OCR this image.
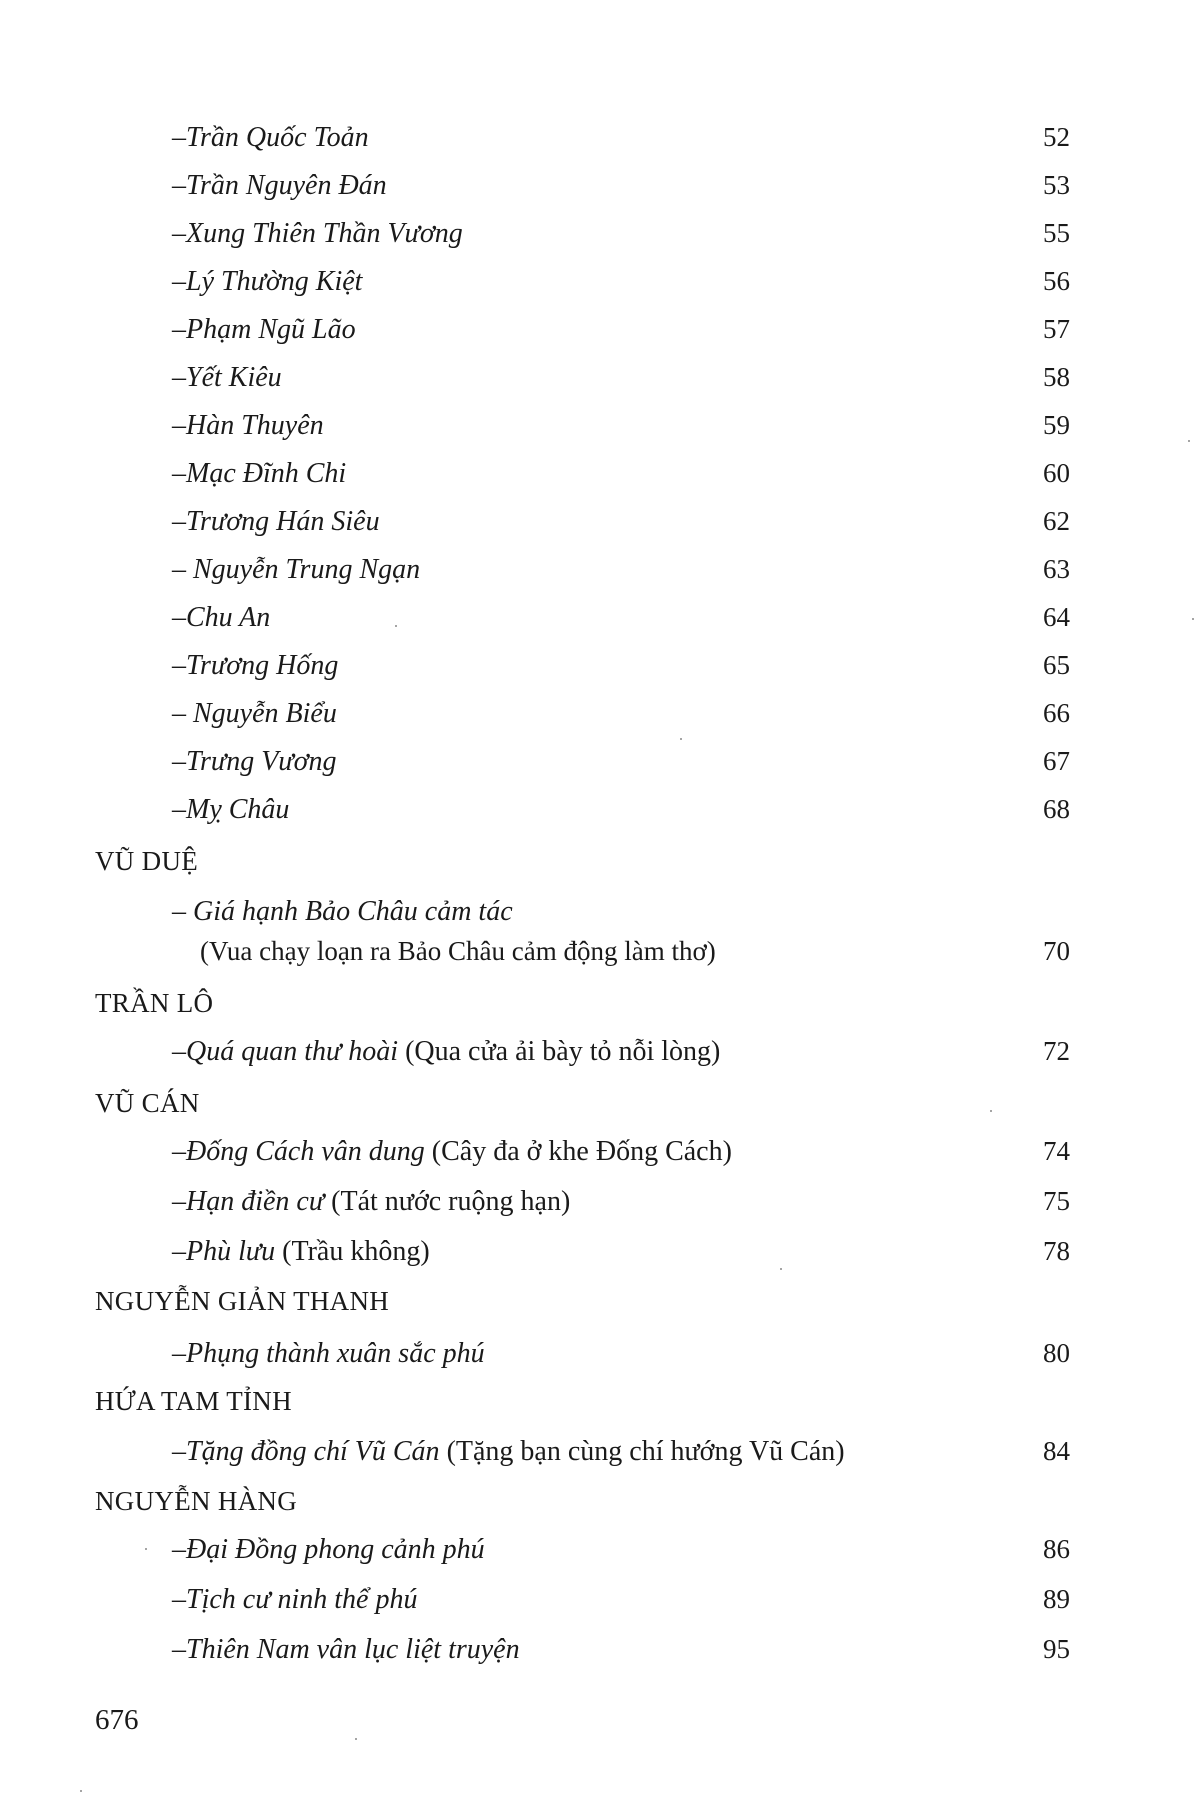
–Trần Quốc Toản	52
–Trần Nguyên Đán	53
–Xung Thiên Thần Vương	55
–Lý Thường Kiệt	56
–Phạm Ngũ Lão	57
–Yết Kiêu	58
–Hàn Thuyên	59
–Mạc Đĩnh Chi	60
–Trương Hán Siêu	62
– Nguyễn Trung Ngạn	63
–Chu An	64
–Trương Hống	65
– Nguyễn Biểu	66
–Trưng Vương	67
–Mỵ Châu	68
VŨ DUỆ
– Giá hạnh Bảo Châu cảm tác
(Vua chạy loạn ra Bảo Châu cảm động làm thơ)	70
TRẦN LÔ
–Quá quan thư hoài (Qua cửa ải bày tỏ nỗi lòng)	72
VŨ CÁN
–Đống Cách vân dung (Cây đa ở khe Đống Cách)	74
–Hạn điền cư (Tát nước ruộng hạn)	75
–Phù lưu (Trầu không)	78
NGUYỄN GIẢN THANH
–Phụng thành xuân sắc phú	80
HỨA TAM TỈNH
–Tặng đồng chí Vũ Cán (Tặng bạn cùng chí hướng Vũ Cán)	84
NGUYỄN HÀNG
–Đại Đồng phong cảnh phú	86
–Tịch cư ninh thể phú	89
–Thiên Nam vân lục liệt truyện	95
676
